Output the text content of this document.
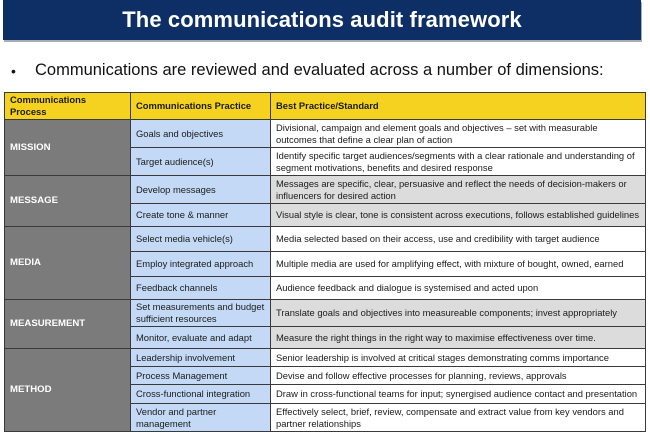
The communications audit framework
•	Communications are reviewed and evaluated across a number of dimensions:
Communications Process	Communications Practice	Best Practice/Standard
MISSION	Goals and objectives	Divisional, campaign and element goals and objectives – set with measurable outcomes that define a clear plan of action
	Target audience(s)	Identify specific target audiences/segments with a clear rationale and understanding of segment motivations, benefits and desired response
MESSAGE	Develop messages	Messages are specific, clear, persuasive and reflect the needs of decision-makers or influencers for desired action
	Create tone & manner	Visual style is clear, tone is consistent across executions, follows established guidelines
MEDIA	Select media vehicle(s)	Media selected based on their access, use and credibility with target audience
	Employ integrated approach	Multiple media are used for amplifying effect, with mixture of bought, owned, earned
	Feedback channels	Audience feedback and dialogue is systemised and acted upon
MEASUREMENT	Set measurements and budget sufficient resources	Translate goals and objectives into measureable components; invest appropriately
	Monitor, evaluate and adapt	Measure the right things in the right way to maximise effectiveness over time.
METHOD	Leadership involvement	Senior leadership is involved at critical stages demonstrating comms importance
	Process Management	Devise and follow effective processes for planning, reviews, approvals
	Cross-functional integration	Draw in cross-functional teams for input; synergised audience contact and presentation
	Vendor and partner management	Effectively select, brief, review, compensate and extract value from key vendors and partner relationships
